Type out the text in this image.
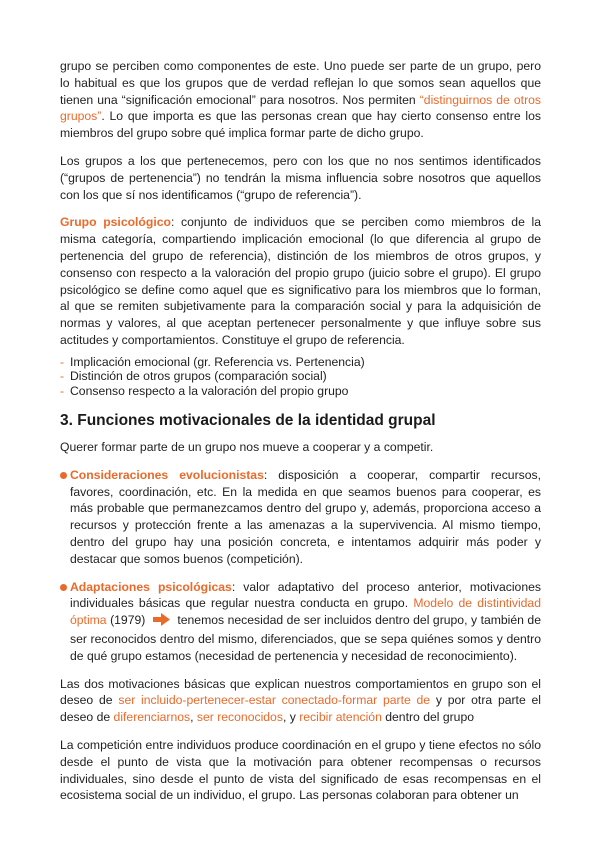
grupo se perciben como componentes de este. Uno puede ser parte de un grupo, pero lo habitual es que los grupos que de verdad reflejan lo que somos sean aquellos que tienen una “significación emocional” para nosotros. Nos permiten “distinguirnos de otros grupos”. Lo que importa es que las personas crean que hay cierto consenso entre los miembros del grupo sobre qué implica formar parte de dicho grupo.

Los grupos a los que pertenecemos, pero con los que no nos sentimos identificados (“grupos de pertenencia”) no tendrán la misma influencia sobre nosotros que aquellos con los que sí nos identificamos (“grupo de referencia”).

Grupo psicológico: conjunto de individuos que se perciben como miembros de la misma categoría, compartiendo implicación emocional (lo que diferencia al grupo de pertenencia del grupo de referencia), distinción de los miembros de otros grupos, y consenso con respecto a la valoración del propio grupo (juicio sobre el grupo). El grupo psicológico se define como aquel que es significativo para los miembros que lo forman, al que se remiten subjetivamente para la comparación social y para la adquisición de normas y valores, al que aceptan pertenecer personalmente y que influye sobre sus actitudes y comportamientos. Constituye el grupo de referencia.

- Implicación emocional (gr. Referencia vs. Pertenencia)
- Distinción de otros grupos (comparación social)
- Consenso respecto a la valoración del propio grupo
3. Funciones motivacionales de la identidad grupal

Querer formar parte de un grupo nos mueve a cooperar y a competir.

Consideraciones evolucionistas: disposición a cooperar, compartir recursos, favores, coordinación, etc. En la medida en que seamos buenos para cooperar, es más probable que permanezcamos dentro del grupo y, además, proporciona acceso a recursos y protección frente a las amenazas a la supervivencia. Al mismo tiempo, dentro del grupo hay una posición concreta, e intentamos adquirir más poder y destacar que somos buenos (competición).

Adaptaciones psicológicas: valor adaptativo del proceso anterior, motivaciones individuales básicas que regular nuestra conducta en grupo. Modelo de distintividad óptima (1979)  tenemos necesidad de ser incluidos dentro del grupo, y también de ser reconocidos dentro del mismo, diferenciados, que se sepa quiénes somos y dentro de qué grupo estamos (necesidad de pertenencia y necesidad de reconocimiento).

Las dos motivaciones básicas que explican nuestros comportamientos en grupo son el deseo de ser incluido-pertenecer-estar conectado-formar parte de y por otra parte el deseo de diferenciarnos, ser reconocidos, y recibir atención dentro del grupo

La competición entre individuos produce coordinación en el grupo y tiene efectos no sólo desde el punto de vista que la motivación para obtener recompensas o recursos individuales, sino desde el punto de vista del significado de esas recompensas en el ecosistema social de un individuo, el grupo. Las personas colaboran para obtener un
